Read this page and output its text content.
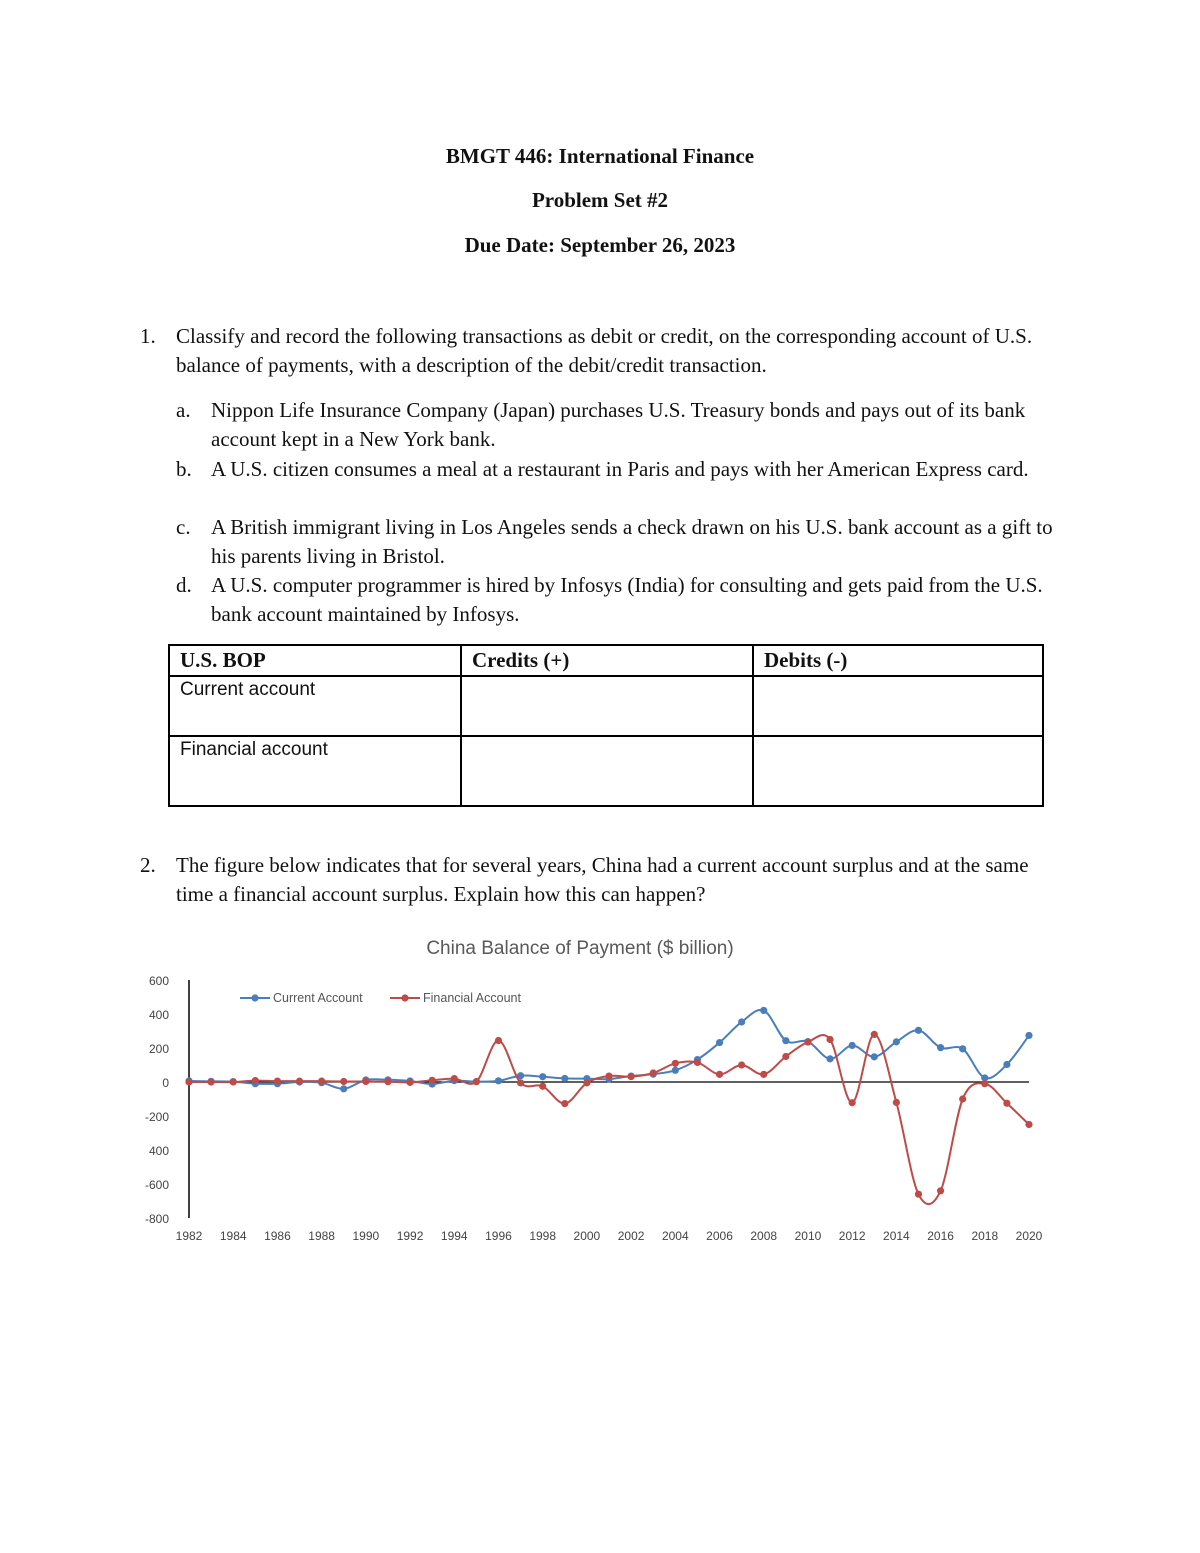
BMGT 446: International Finance
Problem Set #2
Due Date: September 26, 2023
1. Classify and record the following transactions as debit or credit, on the corresponding account of U.S. balance of payments, with a description of the debit/credit transaction.
a. Nippon Life Insurance Company (Japan) purchases U.S. Treasury bonds and pays out of its bank account kept in a New York bank.
b. A U.S. citizen consumes a meal at a restaurant in Paris and pays with her American Express card.
c. A British immigrant living in Los Angeles sends a check drawn on his U.S. bank account as a gift to his parents living in Bristol.
d. A U.S. computer programmer is hired by Infosys (India) for consulting and gets paid from the U.S. bank account maintained by Infosys.
U.S. BOP	Credits (+)	Debits (-)
Current account		
Financial account		
2. The figure below indicates that for several years, China had a current account surplus and at the same time a financial account surplus. Explain how this can happen?
China Balance of Payment ($ billion)
600
400
200
0
-200
400
-600
-800
1982 1984 1986 1988 1990 1992 1994 1996 1998 2000 2002 2004 2006 2008 2010 2012 2014 2016 2018 2020
Current Account	Financial Account
